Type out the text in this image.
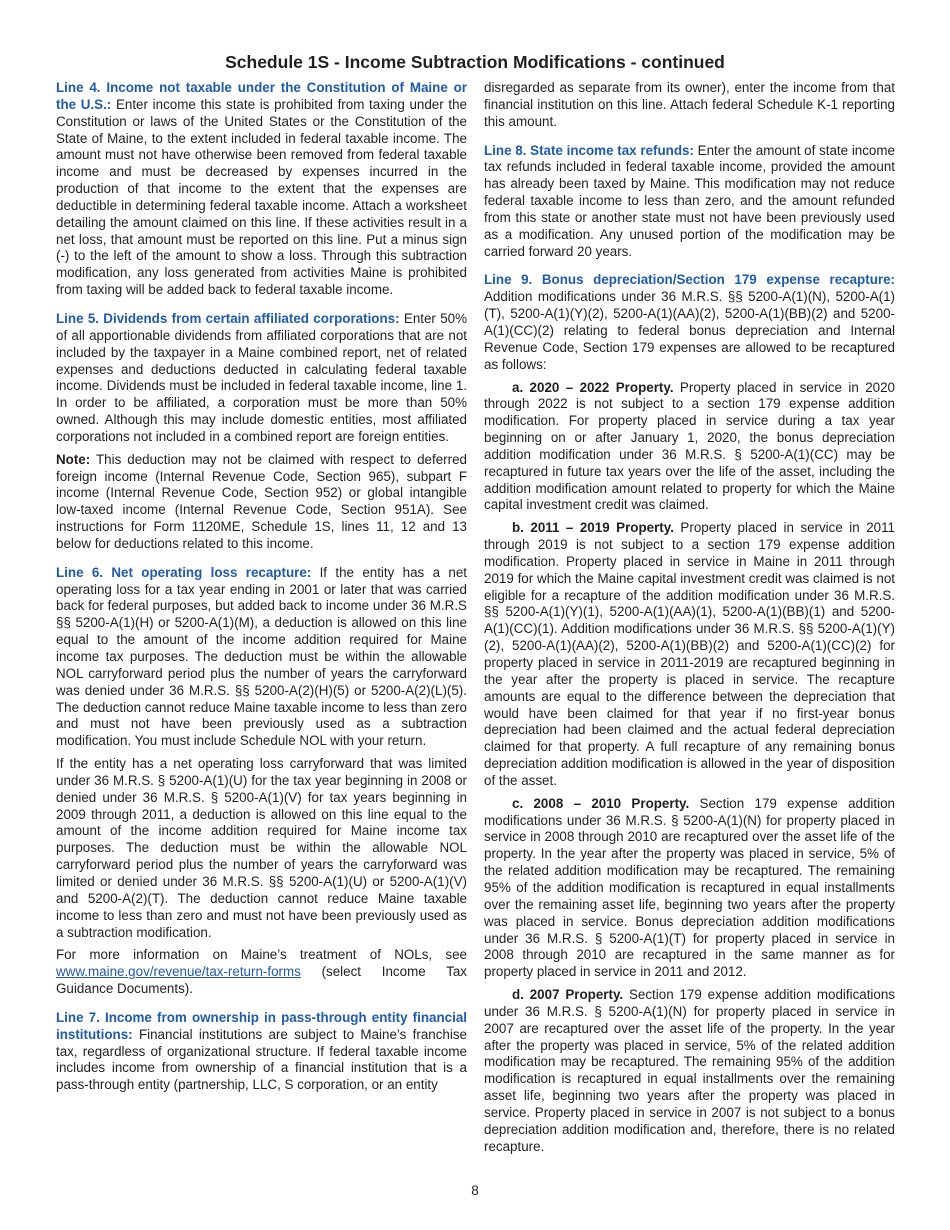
Schedule 1S - Income Subtraction Modifications - continued

Line 4. Income not taxable under the Constitution of Maine or the U.S.: Enter income this state is prohibited from taxing under the Constitution or laws of the United States or the Constitution of the State of Maine, to the extent included in federal taxable income. The amount must not have otherwise been removed from federal taxable income and must be decreased by expenses incurred in the production of that income to the extent that the expenses are deductible in determining federal taxable income. Attach a worksheet detailing the amount claimed on this line. If these activities result in a net loss, that amount must be reported on this line. Put a minus sign (-) to the left of the amount to show a loss. Through this subtraction modification, any loss generated from activities Maine is prohibited from taxing will be added back to federal taxable income.

Line 5. Dividends from certain affiliated corporations: Enter 50% of all apportionable dividends from affiliated corporations that are not included by the taxpayer in a Maine combined report, net of related expenses and deductions deducted in calculating federal taxable income. Dividends must be included in federal taxable income, line 1. In order to be affiliated, a corporation must be more than 50% owned. Although this may include domestic entities, most affiliated corporations not included in a combined report are foreign entities.

Note: This deduction may not be claimed with respect to deferred foreign income (Internal Revenue Code, Section 965), subpart F income (Internal Revenue Code, Section 952) or global intangible low-taxed income (Internal Revenue Code, Section 951A). See instructions for Form 1120ME, Schedule 1S, lines 11, 12 and 13 below for deductions related to this income.

Line 6. Net operating loss recapture: If the entity has a net operating loss for a tax year ending in 2001 or later that was carried back for federal purposes, but added back to income under 36 M.R.S §§ 5200-A(1)(H) or 5200-A(1)(M), a deduction is allowed on this line equal to the amount of the income addition required for Maine income tax purposes. The deduction must be within the allowable NOL carryforward period plus the number of years the carryforward was denied under 36 M.R.S. §§ 5200-A(2)(H)(5) or 5200-A(2)(L)(5). The deduction cannot reduce Maine taxable income to less than zero and must not have been previously used as a subtraction modification. You must include Schedule NOL with your return.

If the entity has a net operating loss carryforward that was limited under 36 M.R.S. § 5200-A(1)(U) for the tax year beginning in 2008 or denied under 36 M.R.S. § 5200-A(1)(V) for tax years beginning in 2009 through 2011, a deduction is allowed on this line equal to the amount of the income addition required for Maine income tax purposes. The deduction must be within the allowable NOL carryforward period plus the number of years the carryforward was limited or denied under 36 M.R.S. §§ 5200-A(1)(U) or 5200-A(1)(V) and 5200-A(2)(T). The deduction cannot reduce Maine taxable income to less than zero and must not have been previously used as a subtraction modification.

For more information on Maine’s treatment of NOLs, see www.maine.gov/revenue/tax-return-forms (select Income Tax Guidance Documents).

Line 7. Income from ownership in pass-through entity financial institutions: Financial institutions are subject to Maine’s franchise tax, regardless of organizational structure. If federal taxable income includes income from ownership of a financial institution that is a pass-through entity (partnership, LLC, S corporation, or an entity

disregarded as separate from its owner), enter the income from that financial institution on this line. Attach federal Schedule K-1 reporting this amount.

Line 8. State income tax refunds: Enter the amount of state income tax refunds included in federal taxable income, provided the amount has already been taxed by Maine. This modification may not reduce federal taxable income to less than zero, and the amount refunded from this state or another state must not have been previously used as a modification. Any unused portion of the modification may be carried forward 20 years.

Line 9. Bonus depreciation/Section 179 expense recapture: Addition modifications under 36 M.R.S. §§ 5200-A(1)(N), 5200-A(1)(T), 5200-A(1)(Y)(2), 5200-A(1)(AA)(2), 5200-A(1)(BB)(2) and 5200-A(1)(CC)(2) relating to federal bonus depreciation and Internal Revenue Code, Section 179 expenses are allowed to be recaptured as follows:

a. 2020 – 2022 Property. Property placed in service in 2020 through 2022 is not subject to a section 179 expense addition modification. For property placed in service during a tax year beginning on or after January 1, 2020, the bonus depreciation addition modification under 36 M.R.S. § 5200-A(1)(CC) may be recaptured in future tax years over the life of the asset, including the addition modification amount related to property for which the Maine capital investment credit was claimed.

b. 2011 – 2019 Property. Property placed in service in 2011 through 2019 is not subject to a section 179 expense addition modification. Property placed in service in Maine in 2011 through 2019 for which the Maine capital investment credit was claimed is not eligible for a recapture of the addition modification under 36 M.R.S. §§ 5200-A(1)(Y)(1), 5200-A(1)(AA)(1), 5200-A(1)(BB)(1) and 5200-A(1)(CC)(1). Addition modifications under 36 M.R.S. §§ 5200-A(1)(Y)(2), 5200-A(1)(AA)(2), 5200-A(1)(BB)(2) and 5200-A(1)(CC)(2) for property placed in service in 2011-2019 are recaptured beginning in the year after the property is placed in service. The recapture amounts are equal to the difference between the depreciation that would have been claimed for that year if no first-year bonus depreciation had been claimed and the actual federal depreciation claimed for that property. A full recapture of any remaining bonus depreciation addition modification is allowed in the year of disposition of the asset.

c. 2008 – 2010 Property. Section 179 expense addition modifications under 36 M.R.S. § 5200-A(1)(N) for property placed in service in 2008 through 2010 are recaptured over the asset life of the property. In the year after the property was placed in service, 5% of the related addition modification may be recaptured. The remaining 95% of the addition modification is recaptured in equal installments over the remaining asset life, beginning two years after the property was placed in service. Bonus depreciation addition modifications under 36 M.R.S. § 5200-A(1)(T) for property placed in service in 2008 through 2010 are recaptured in the same manner as for property placed in service in 2011 and 2012.

d. 2007 Property. Section 179 expense addition modifications under 36 M.R.S. § 5200-A(1)(N) for property placed in service in 2007 are recaptured over the asset life of the property. In the year after the property was placed in service, 5% of the related addition modification may be recaptured. The remaining 95% of the addition modification is recaptured in equal installments over the remaining asset life, beginning two years after the property was placed in service. Property placed in service in 2007 is not subject to a bonus depreciation addition modification and, therefore, there is no related recapture.

8
